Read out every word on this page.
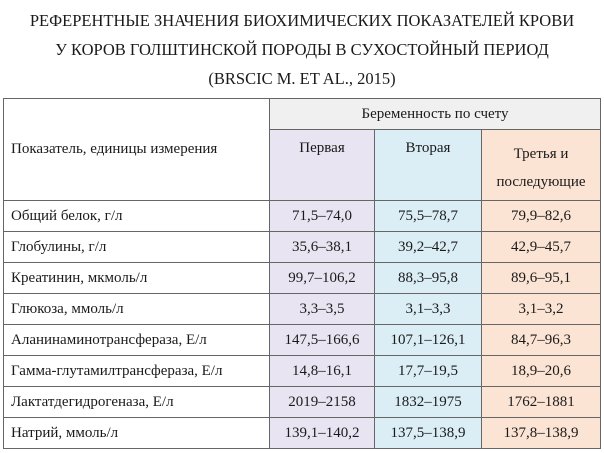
РЕФЕРЕНТНЫЕ ЗНАЧЕНИЯ БИОХИМИЧЕСКИХ ПОКАЗАТЕЛЕЙ КРОВИ
У КОРОВ ГОЛШТИНСКОЙ ПОРОДЫ В СУХОСТОЙНЫЙ ПЕРИОД
(BRSCIC M. ET AL., 2015)
Показатель, единицы измерения	Беременность по счету		
	Первая	Вторая	Третья и
последующие

Общий белок, г/л	71,5–74,0	75,5–78,7	79,9–82,6
Глобулины, г/л	35,6–38,1	39,2–42,7	42,9–45,7
Креатинин, мкмоль/л	99,7–106,2	88,3–95,8	89,6–95,1
Глюкоза, ммоль/л	3,3–3,5	3,1–3,3	3,1–3,2
Аланинаминотрансфераза, Е/л	147,5–166,6	107,1–126,1	84,7–96,3
Гамма-глутамилтрансфераза, Е/л	14,8–16,1	17,7–19,5	18,9–20,6
Лактатдегидрогеназа, Е/л	2019–2158	1832–1975	1762–1881
Натрий, ммоль/л	139,1–140,2	137,5–138,9	137,8–138,9
